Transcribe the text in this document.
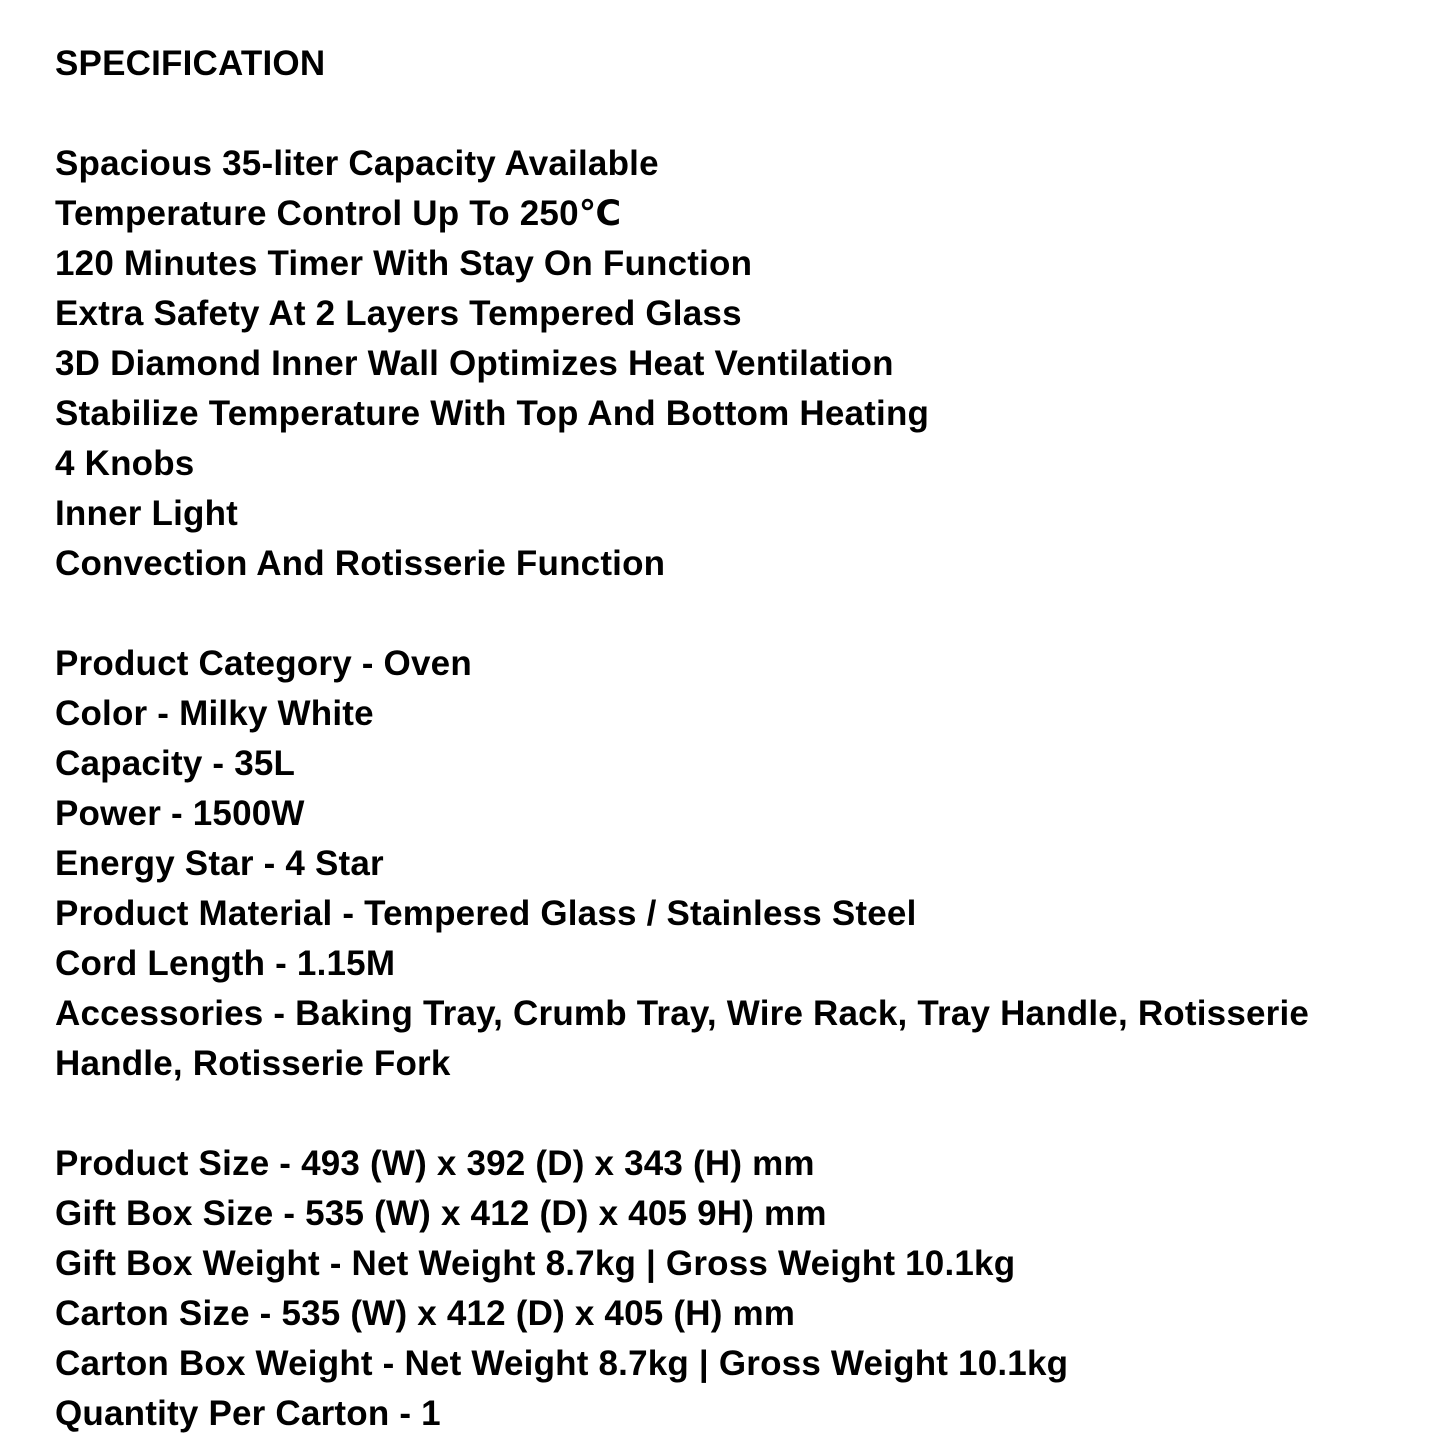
SPECIFICATION
Spacious 35-liter Capacity Available
Temperature Control Up To 250℃
120 Minutes Timer With Stay On Function
Extra Safety At 2 Layers Tempered Glass
3D Diamond Inner Wall Optimizes Heat Ventilation
Stabilize Temperature With Top And Bottom Heating
4 Knobs
Inner Light
Convection And Rotisserie Function
Product Category - Oven
Color - Milky White
Capacity - 35L
Power - 1500W
Energy Star - 4 Star
Product Material - Tempered Glass / Stainless Steel
Cord Length - 1.15M
Accessories - Baking Tray, Crumb Tray, Wire Rack, Tray Handle, Rotisserie Handle, Rotisserie Fork
Product Size - 493 (W) x 392 (D) x 343 (H) mm
Gift Box Size - 535 (W) x 412 (D) x 405 9H) mm
Gift Box Weight - Net Weight 8.7kg | Gross Weight 10.1kg
Carton Size - 535 (W) x 412 (D) x 405 (H) mm
Carton Box Weight - Net Weight 8.7kg | Gross Weight 10.1kg
Quantity Per Carton - 1
